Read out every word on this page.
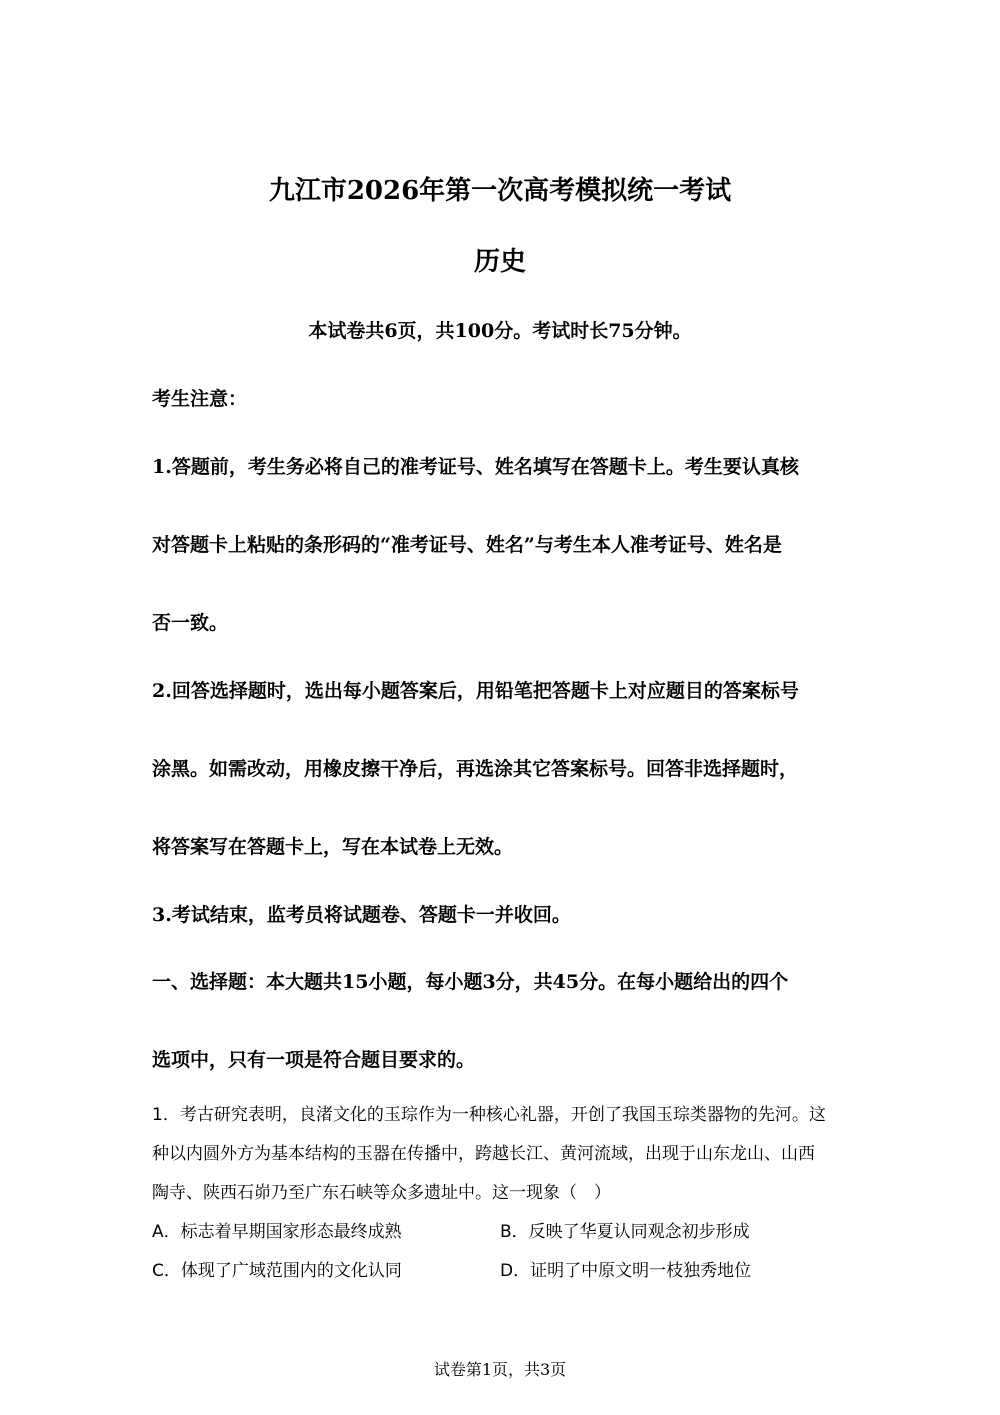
九江市2026年第一次高考模拟统一考试
历史
本试卷共6页，共100分。考试时长75分钟。
考生注意：
1.答题前，考生务必将自己的准考证号、姓名填写在答题卡上。考生要认真核
对答题卡上粘贴的条形码的“准考证号、姓名”与考生本人准考证号、姓名是
否一致。
2.回答选择题时，选出每小题答案后，用铅笔把答题卡上对应题目的答案标号
涂黑。如需改动，用橡皮擦干净后，再选涂其它答案标号。回答非选择题时，
将答案写在答题卡上，写在本试卷上无效。
3.考试结束，监考员将试题卷、答题卡一并收回。
一、选择题：本大题共15小题，每小题3分，共45分。在每小题给出的四个
选项中，只有一项是符合题目要求的。
1．考古研究表明，良渚文化的玉琮作为一种核心礼器，开创了我国玉琮类器物的先河。这
种以内圆外方为基本结构的玉器在传播中，跨越长江、黄河流域，出现于山东龙山、山西
陶寺、陕西石峁乃至广东石峡等众多遗址中。这一现象（　）
A．标志着早期国家形态最终成熟	B．反映了华夏认同观念初步形成
C．体现了广域范围内的文化认同	D．证明了中原文明一枝独秀地位
试卷第1页，共3页
